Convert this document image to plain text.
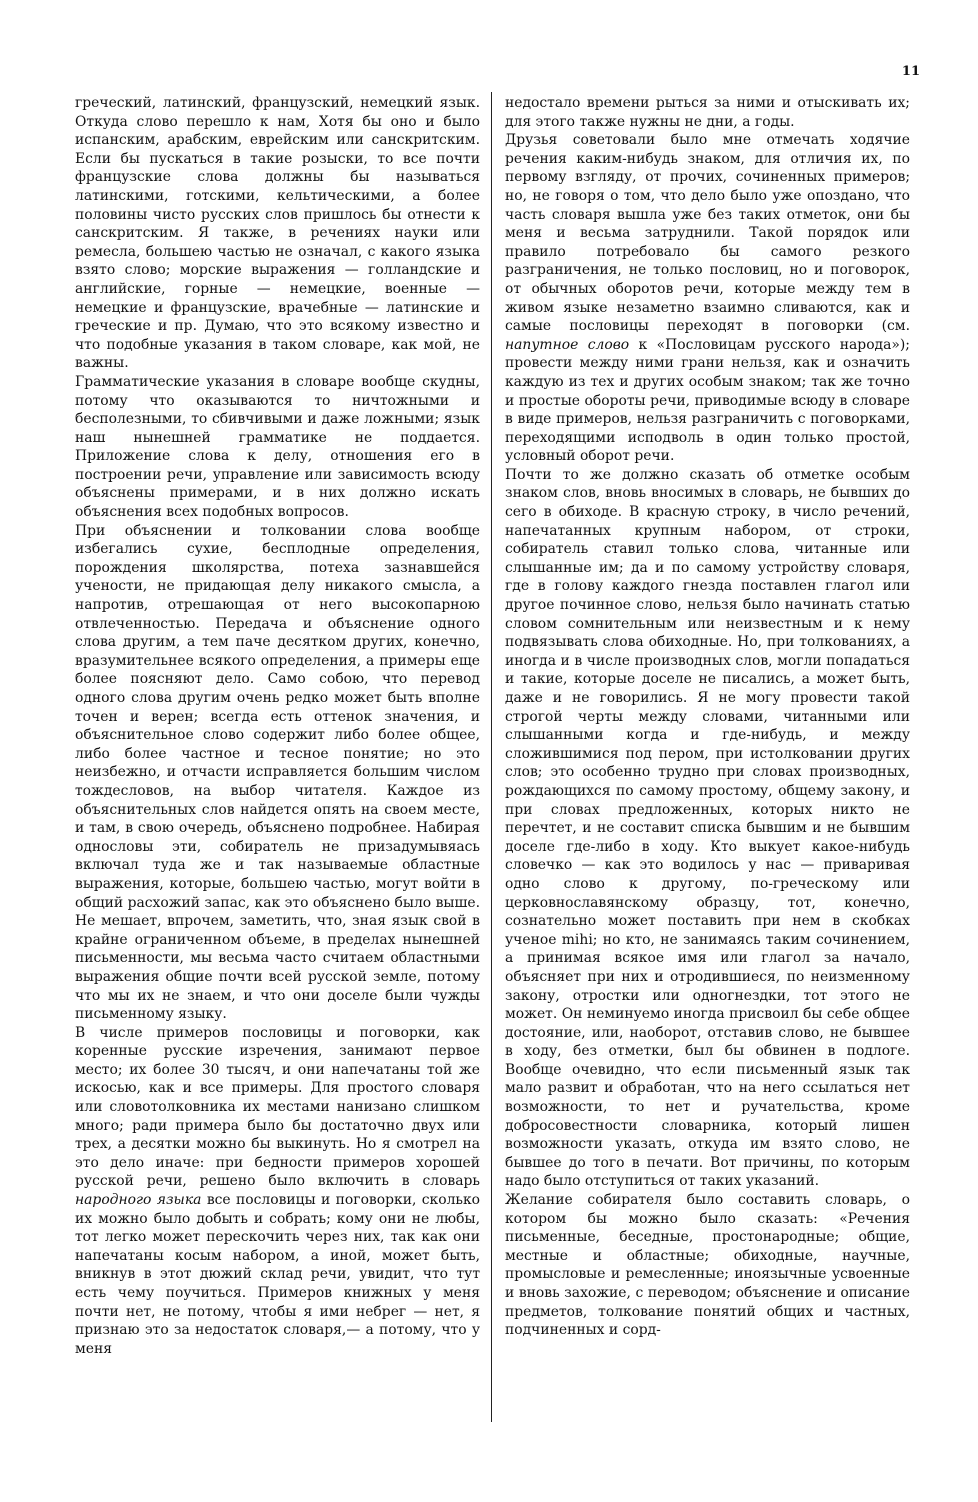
11

греческий, латинский, французский, немецкий язык. Откуда слово перешло к нам, Хотя бы оно и было испанским, арабским, еврейским или санскритским. Если бы пускаться в такие розыски, то все почти французские слова должны бы называться латинскими, готскими, кельтическими, а более половины чистo русских слов пришлось бы отнести к санскритским. Я также, в речениях науки или ремесла, большею частью не означал, с какого языка взято слово; морские выражения — голландские и английские, горные — немецкие, военные — немецкие и французские, врачебные — латинские и греческие и пр. Думаю, что это всякому известно и что подобные указания в таком словаре, как мой, не важны.

Грамматические указания в словаре вообще скудны, потому что оказываются то ничтожными и бесполезными, то сбивчивыми и даже ложными; язык наш нынешней грамматике не поддается. Приложение слова к делу, отношения его в построении речи, управление или зависимость всюду объяснены примерами, и в них должно искать объяснения всех подобных вопросов.

При объяснении и толковании слова вообще избегались сухие, бесплодные определения, порождения школярства, потеха зазнавшейся учености, не придающая делу никакого смысла, а напротив, отрешающая от него высокопарною отвлеченностью. Передача и объяснение одного слова другим, а тем паче десятком других, конечно, вразумительнее всякого определения, а примеры еще более поясняют дело. Само собою, что перевод одного слова другим очень редко может быть вполне точен и верен; всегда есть оттенок значения, и объяснительное слово содержит либо более общее, либо более частное и тесное понятие; но это неизбежно, и отчасти исправляется большим числом тождесловов, на выбор читателя. Каждое из объяснительных слов найдется опять на своем месте, и там, в свою очередь, объяснено подробнее. Набирая однословы эти, собиратель не призадумывяась включал туда же и так называемые областные выражения, которые, большею частью, могут войти в общий расхожий запас, как это объяснено было выше. Не мешает, впрочем, заметить, что, зная язык свой в крайне ограниченном объеме, в пределах нынешней письменности, мы весьма часто считаем областными выражения общие почти всей русской земле, потому что мы их не знаем, и что они доселе были чужды письменному языку.

В числе примеров пословицы и поговорки, как коренные русские изречения, занимают первое место; их более 30 тысяч, и они напечатаны той же искосью, как и все примеры. Для простого словаря или словотолковника их местами нанизано слишком много; ради примера было бы достаточно двух или трех, а десятки можно бы выкинуть. Но я смотрел на это дело иначе: при бедности примеров хорошей русской речи, решено было включить в словарь народного языка все пословицы и поговорки, сколько их можно было добыть и собрать; кому они не любы, тот легко может перескочить через них, так как они напечатаны косым набором, а иной, может быть, вникнув в этот дюжий склад речи, увидит, что тут есть чему поучиться. Примеров книжных у меня почти нет, не потому, чтобы я ими небрег — нет, я признаю это за недостаток словаря,— а потому, что у меня

недостало времени рыться за ними и отыскивать их; для этого также нужны не дни, а годы.

Друзья советовали было мне отмечать ходячие речения каким-нибудь знаком, для отличия их, по первому взгляду, от прочих, сочиненных примеров; но, не говоря о том, что дело было уже опоздано, что часть словаря вышла уже без таких отметок, они бы меня и весьма затруднили. Такой порядок или правило потребовало бы самого резкого разграничения, не только пословиц, но и поговорок, от обычных оборотов речи, которые между тем в живом языке незаметно взаимно сливаются, как и самые пословицы переходят в поговорки (см. напутное слово к «Пословицам русского народа»); провести между ними грани нельзя, как и означить каждую из тех и других особым знаком; так же точно и простые обороты речи, приводимые всюду в словаре в виде примеров, нельзя разграничить с поговорками, переходящими исподволь в один только простой, условный оборот речи.

Почти то же должно сказать об отметке особым знаком слов, вновь вносимых в словарь, не бывших до сего в обиходе. В красную строку, в число речений, напечатанных крупным набором, от строки, собиратель ставил только слова, читанные или слышанные им; да и по самому устройству словаря, где в голову каждого гнезда поставлен глагол или другое починное слово, нельзя было начинать статью словом сомнительным или неизвестным и к нему подвязывать слова обиходные. Но, при толкованиях, а иногда и в числе производных слов, могли попадаться и такие, которые доселе не писались, а может быть, даже и не говорились. Я не могу провести такой строгой черты между словами, читанными или слышанными когда и где-нибудь, и между сложившимися под пером, при истолковании других слов; это особенно трудно при словах производных, рождающихся по самому простому, общему закону, и при словах предложенных, которых никто не перечтет, и не составит списка бывшим и не бывшим доселе где-либо в ходу. Кто выкует какое-нибудь словечко — как это водилось у нас — приваривая одно слово к другому, по-греческому или церковнославянскому образцу, тот, конечно, сознательно может поставить при нем в скобках ученое mihi; но кто, не занимаясь таким сочинением, а принимая всякое имя или глагол за начало, объясняет при них и отродившиеся, по неизменному закону, отростки или одногнездки, тот этого не может. Он неминуемо иногда присвоил бы себе общее достояние, или, наоборот, отставив слово, не бывшее в ходу, без отметки, был бы обвинен в подлоге. Вообще очевидно, что если письменный язык так мало развит и обработан, что на него ссылаться нет возможности, то нет и ручательства, кроме добросовестности словарника, который лишен возможности указать, откуда им взято слово, не бывшее до того в печати. Вот причины, по которым надо было отступиться от таких указаний.

Желание собирателя было составить словарь, о котором бы можно было сказать: «Речения письменные, беседные, простонародные; общие, местные и областные; обиходные, научные, промысловые и ремесленные; иноязычные усвоенные и вновь захожие, с переводом; объяснение и описание предметов, толкование понятий общих и частных, подчиненных и сорд-
